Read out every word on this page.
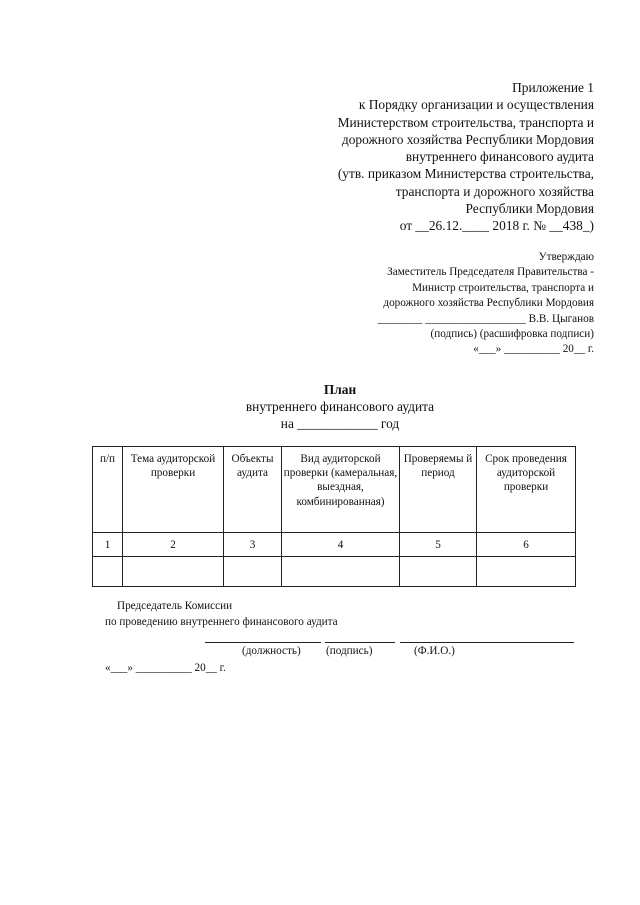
Приложение 1
к Порядку организации и осуществления
Министерством строительства, транспорта и
дорожного хозяйства Республики Мордовия
внутреннего финансового аудита
(утв. приказом Министерства строительства,
транспорта и дорожного хозяйства
Республики Мордовия
от __26.12.____ 2018 г. № __438_)
Утверждаю
Заместитель Председателя Правительства -
Министр строительства, транспорта и
дорожного хозяйства Республики Мордовия
________ __________________ В.В. Цыганов
(подпись) (расшифровка подписи)
«___» __________ 20__ г.
План
внутреннего финансового аудита
на ____________ год
п/п	Тема аудиторской проверки	Объекты аудита	Вид аудиторской проверки (камеральная, выездная, комбинированная)	Проверяемы й период	Срок проведения аудиторской проверки
1	2	3	4	5	6

Председатель Комиссии
по проведению внутреннего финансового аудита
(должность) (подпись)	(Ф.И.О.)
«___» __________ 20__ г.
